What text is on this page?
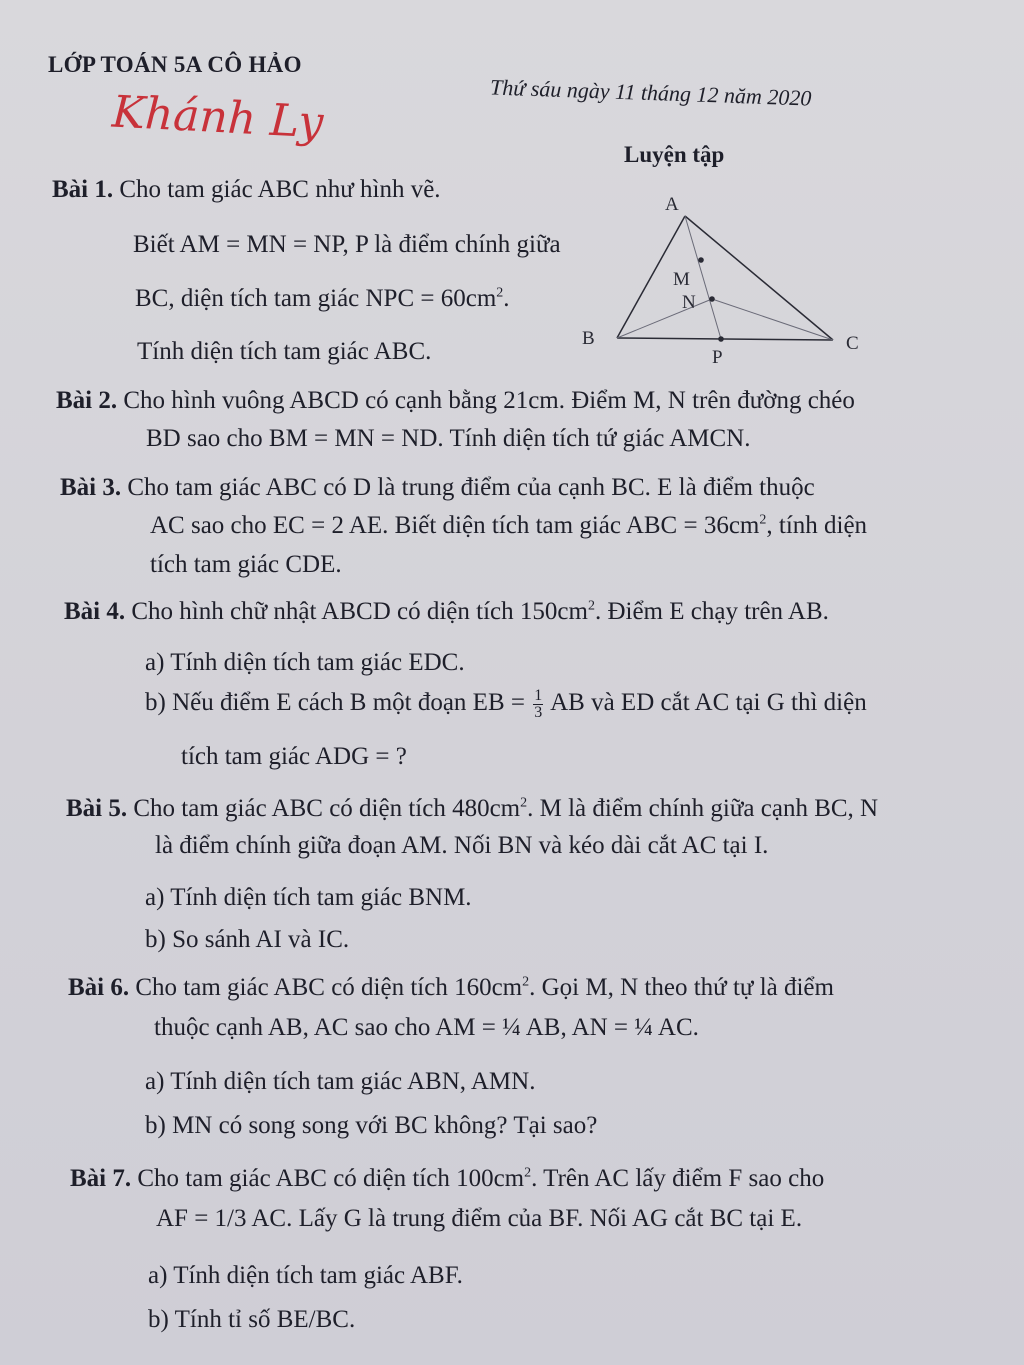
LỚP TOÁN 5A CÔ HẢO
Khánh Ly	Thứ sáu ngày 11 tháng 12 năm 2020
Luyện tập
A
M
N
B
P
C
Bài 1. Cho tam giác ABC như hình vẽ.
Biết AM = MN = NP, P là điểm chính giữa
BC, diện tích tam giác NPC = $60cm^2$.
Tính diện tích tam giác ABC.
Bài 2. Cho hình vuông ABCD có cạnh bằng 21cm. Điểm M, N trên đường chéo
BD sao cho BM = MN = ND. Tính diện tích tứ giác AMCN.
Bài 3. Cho tam giác ABC có D là trung điểm của cạnh BC. E là điểm thuộc
AC sao cho EC = 2 AE. Biết diện tích tam giác ABC = $36cm^2$, tính diện
tích tam giác CDE.
Bài 4. Cho hình chữ nhật ABCD có diện tích $150cm^2$. Điểm E chạy trên AB.
a) Tính diện tích tam giác EDC.
b) Nếu điểm E cách B một đoạn EB = $\frac{1}{3}$ AB và ED cắt AC tại G thì diện
tích tam giác ADG = ?
Bài 5. Cho tam giác ABC có diện tích $480cm^2$. M là điểm chính giữa cạnh BC, N
là điểm chính giữa đoạn AM. Nối BN và kéo dài cắt AC tại I.
a) Tính diện tích tam giác BNM.
b) So sánh AI và IC.
Bài 6. Cho tam giác ABC có diện tích $160cm^2$. Gọi M, N theo thứ tự là điểm
thuộc cạnh AB, AC sao cho AM = ¼ AB, AN = ¼ AC.
a) Tính diện tích tam giác ABN, AMN.
b) MN có song song với BC không? Tại sao?
Bài 7. Cho tam giác ABC có diện tích $100cm^2$. Trên AC lấy điểm F sao cho
AF = 1/3 AC. Lấy G là trung điểm của BF. Nối AG cắt BC tại E.
a) Tính diện tích tam giác ABF.
b) Tính tỉ số BE/BC.
